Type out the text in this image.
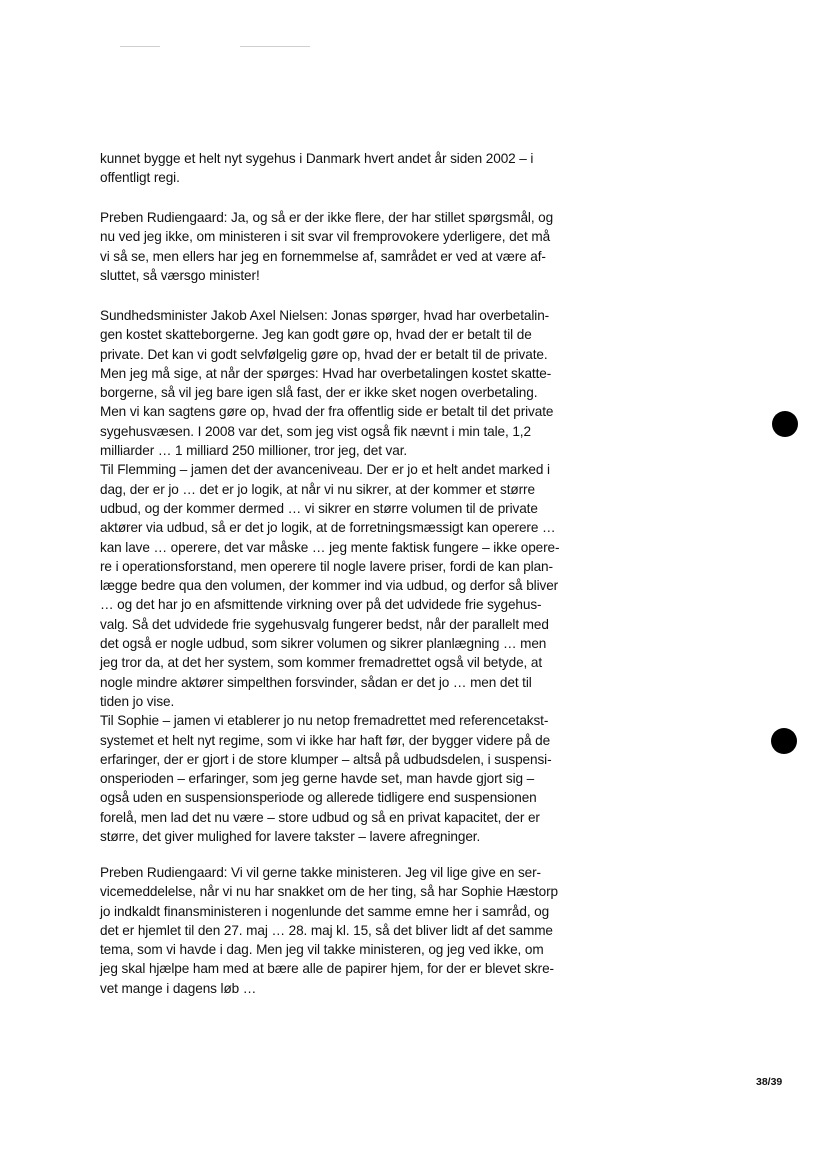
kunnet bygge et helt nyt sygehus i Danmark hvert andet år siden 2002 – i
offentligt regi.
Preben Rudiengaard: Ja, og så er der ikke flere, der har stillet spørgsmål, og
nu ved jeg ikke, om ministeren i sit svar vil fremprovokere yderligere, det må
vi så se, men ellers har jeg en fornemmelse af, samrådet er ved at være af-
sluttet, så værsgo minister!
Sundhedsminister Jakob Axel Nielsen: Jonas spørger, hvad har overbetalin-
gen kostet skatteborgerne. Jeg kan godt gøre op, hvad der er betalt til de
private. Det kan vi godt selvfølgelig gøre op, hvad der er betalt til de private.
Men jeg må sige, at når der spørges: Hvad har overbetalingen kostet skatte-
borgerne, så vil jeg bare igen slå fast, der er ikke sket nogen overbetaling.
Men vi kan sagtens gøre op, hvad der fra offentlig side er betalt til det private
sygehusvæsen. I 2008 var det, som jeg vist også fik nævnt i min tale, 1,2
milliarder … 1 milliard 250 millioner, tror jeg, det var.
Til Flemming – jamen det der avanceniveau. Der er jo et helt andet marked i
dag, der er jo … det er jo logik, at når vi nu sikrer, at der kommer et større
udbud, og der kommer dermed … vi sikrer en større volumen til de private
aktører via udbud, så er det jo logik, at de forretningsmæssigt kan operere …
kan lave … operere, det var måske … jeg mente faktisk fungere – ikke opere-
re i operationsforstand, men operere til nogle lavere priser, fordi de kan plan-
lægge bedre qua den volumen, der kommer ind via udbud, og derfor så bliver
… og det har jo en afsmittende virkning over på det udvidede frie sygehus-
valg. Så det udvidede frie sygehusvalg fungerer bedst, når der parallelt med
det også er nogle udbud, som sikrer volumen og sikrer planlægning … men
jeg tror da, at det her system, som kommer fremadrettet også vil betyde, at
nogle mindre aktører simpelthen forsvinder, sådan er det jo … men det til
tiden jo vise.
Til Sophie – jamen vi etablerer jo nu netop fremadrettet med referencetakst-
systemet et helt nyt regime, som vi ikke har haft før, der bygger videre på de
erfaringer, der er gjort i de store klumper – altså på udbudsdelen, i suspensi-
onsperioden – erfaringer, som jeg gerne havde set, man havde gjort sig –
også uden en suspensionsperiode og allerede tidligere end suspensionen
forelå, men lad det nu være – store udbud og så en privat kapacitet, der er
større, det giver mulighed for lavere takster – lavere afregninger.
Preben Rudiengaard: Vi vil gerne takke ministeren. Jeg vil lige give en ser-
vicemeddelelse, når vi nu har snakket om de her ting, så har Sophie Hæstorp
jo indkaldt finansministeren i nogenlunde det samme emne her i samråd, og
det er hjemlet til den 27. maj … 28. maj kl. 15, så det bliver lidt af det samme
tema, som vi havde i dag. Men jeg vil takke ministeren, og jeg ved ikke, om
jeg skal hjælpe ham med at bære alle de papirer hjem, for der er blevet skre-
vet mange i dagens løb …
38/39
